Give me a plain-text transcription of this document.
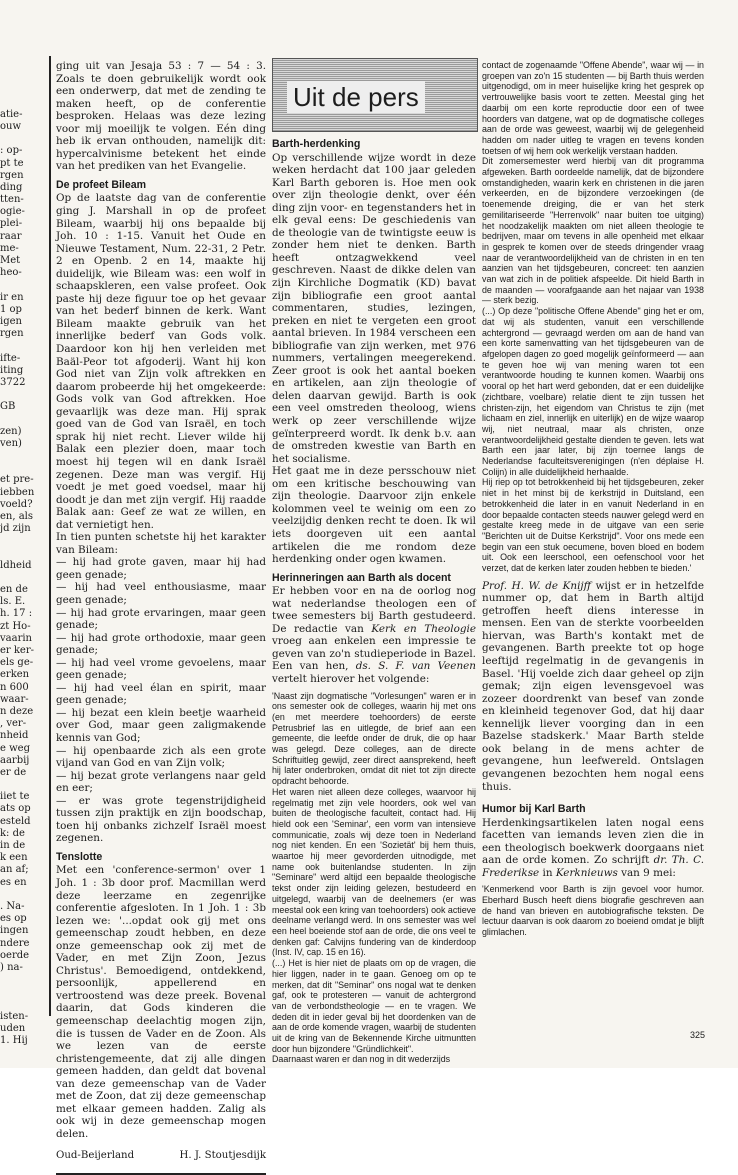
atie-
ouw
: op-
pt te
rgen
ding
tten-
ogie-
plei-
raar
me-
Met
heo-
ir en
1 op
igen
rgen
ifte-
iting
3722
GB
zen)
ven)
et pre-
iebben
voeld?
en, als
jd zijn
ldheid
en de
ls. E.
h. 17 :
zt Ho-
vaarin
er ker-
els ge-
erken
n 600
waar-
n deze
, ver-
nheid
e weg
aarbij
er de
iiet te
ats op
esteld
k: de
in de
k een
an af;
es en
. Na-
es op
ingen
ndere
oerde
) na-
isten-
uden
1. Hij

ging uit van Jesaja 53 : 7 — 54 : 3. Zoals te doen gebruikelijk wordt ook een onderwerp, dat met de zending te maken heeft, op de conferentie besproken. Helaas was deze lezing voor mij moeilijk te volgen. Eén ding heb ik ervan onthouden, namelijk dit: hypercalvinisme betekent het einde van het prediken van het Evangelie.

De profeet Bileam

Op de laatste dag van de conferentie ging J. Marshall in op de profeet Bileam, waarbij hij ons bepaalde bij Joh. 10 : 1-15. Vanuit het Oude en Nieuwe Testament, Num. 22-31, 2 Petr. 2 en Openb. 2 en 14, maakte hij duidelijk, wie Bileam was: een wolf in schaapskleren, een valse profeet. Ook paste hij deze figuur toe op het gevaar van het bederf binnen de kerk. Want Bileam maakte gebruik van het innerlijke bederf van Gods volk. Daardoor kon hij hen verleiden met Baäl-Peor tot afgoderij. Want hij kon God niet van Zijn volk aftrekken en daarom probeerde hij het omgekeerde: Gods volk van God aftrekken. Hoe gevaarlijk was deze man. Hij sprak goed van de God van Israël, en toch sprak hij niet recht. Liever wilde hij Balak een plezier doen, maar toch moest hij tegen wil en dank Israël zegenen. Deze man was vergif. Hij voedt je met goed voedsel, maar hij doodt je dan met zijn vergif. Hij raadde Balak aan: Geef ze wat ze willen, en dat vernietigt hen.

In tien punten schetste hij het karakter van Bileam:

— hij had grote gaven, maar hij had geen genade;

— hij had veel enthousiasme, maar geen genade;

— hij had grote ervaringen, maar geen genade;

— hij had grote orthodoxie, maar geen genade;

— hij had veel vrome gevoelens, maar geen genade;

— hij had veel élan en spirit, maar geen genade;

— hij bezat een klein beetje waarheid over God, maar geen zaligmakende kennis van God;

— hij openbaarde zich als een grote vijand van God en van Zijn volk;

— hij bezat grote verlangens naar geld en eer;

— er was grote tegenstrijdigheid tussen zijn praktijk en zijn boodschap, toen hij onbanks zichzelf Israël moest zegenen.

Tenslotte

Met een 'conference-sermon' over 1 Joh. 1 : 3b door prof. Macmillan werd deze leerzame en zegenrijke conferentie afgesloten. In 1 Joh. 1 : 3b lezen we: '...opdat ook gij met ons gemeenschap zoudt hebben, en deze onze gemeenschap ook zij met de Vader, en met Zijn Zoon, Jezus Christus'. Bemoedigend, ontdekkend, persoonlijk, appellerend en vertroostend was deze preek. Bovenal daarin, dat Gods kinderen die gemeenschap deelachtig mogen zijn, die is tussen de Vader en de Zoon. Als we lezen van de eerste christengemeente, dat zij alle dingen gemeen hadden, dan geldt dat bovenal van deze gemeenschap van de Vader met de Zoon, dat zij deze gemeenschap met elkaar gemeen hadden. Zalig als ook wij in deze gemeenschap mogen delen.

Oud-Beijerland	H. J. Stoutjesdijk
Uit de pers
Barth-herdenking

Op verschillende wijze wordt in deze weken herdacht dat 100 jaar geleden Karl Barth geboren is. Hoe men ook over zijn theologie denkt, over één ding zijn voor- en tegenstanders het in elk geval eens: De geschiedenis van de theologie van de twintigste eeuw is zonder hem niet te denken. Barth heeft ontzagwekkend veel geschreven. Naast de dikke delen van zijn Kirchliche Dogmatik (KD) bavat zijn bibliografie een groot aantal commentaren, studies, lezingen, preken en niet te vergeten een groot aantal brieven. In 1984 verscheen een bibliografie van zijn werken, met 976 nummers, vertalingen meegerekend. Zeer groot is ook het aantal boeken en artikelen, aan zijn theologie of delen daarvan gewijd. Barth is ook een veel omstreden theoloog, wiens werk op zeer verschillende wijze geïnterpreerd wordt. Ik denk b.v. aan de omstreden kwestie van Barth en het socialisme.

Het gaat me in deze persschouw niet om een kritische beschouwing van zijn theologie. Daarvoor zijn enkele kolommen veel te weinig om een zo veelzijdig denken recht te doen. Ik wil iets doorgeven uit een aantal artikelen die me rondom deze herdenking onder ogen kwamen.

Herinneringen aan Barth als docent

Er hebben voor en na de oorlog nog wat nederlandse theologen een of twee semesters bij Barth gestudeerd. De redactie van Kerk en Theologie vroeg aan enkelen een impressie te geven van zo'n studieperiode in Bazel. Een van hen, ds. S. F. van Veenen vertelt hierover het volgende:

'Naast zijn dogmatische "Vorlesungen" waren er in ons semester ook de colleges, waarin hij met ons (en met meerdere toehoorders) de eerste Petrusbrief las en uitlegde, de brief aan een gemeente, die leefde onder de druk, die op haar was gelegd. Deze colleges, aan de directe Schriftuitleg gewijd, zeer direct aansprekend, heeft hij later onderbroken, omdat dit niet tot zijn directe opdracht behoorde.

Het waren niet alleen deze colleges, waarvoor hij regelmatig met zijn vele hoorders, ook wel van buiten de theologische faculteit, contact had. Hij hield ook een 'Seminar', een vorm van intensieve communicatie, zoals wij deze toen in Nederland nog niet kenden. En een 'Sozietät' bij hem thuis, waartoe hij meer gevorderden uitnodigde, met name ook buitenlandse studenten. In zijn "Seminare" werd altijd een bepaalde theologische tekst onder zijn leiding gelezen, bestudeerd en uitgelegd, waarbij van de deelnemers (er was meestal ook een kring van toehoorders) ook actieve deelname verlangd werd. In ons semester was wel een heel boeiende stof aan de orde, die ons veel te denken gaf: Calvijns fundering van de kinderdoop (Inst. IV, cap. 15 en 16).

(...) Het is hier niet de plaats om op de vragen, die hier liggen, nader in te gaan. Genoeg om op te merken, dat dit "Seminar" ons nogal wat te denken gaf, ook te protesteren — vanuit de achtergrond van de verbondstheologie — en te vragen. We deden dit in ieder geval bij het doordenken van de aan de orde komende vragen, waarbij de studenten uit de kring van de Bekennende Kirche uitmuntten door hun bijzondere "Gründlichkeit".

Daarnaast waren er dan nog in dit wederzijds

contact de zogenaamde "Offene Abende", waar wij — in groepen van zo'n 15 studenten — bij Barth thuis werden uitgenodigd, om in meer huiselijke kring het gesprek op vertrouwelijke basis voort te zetten. Meestal ging het daarbij om een korte reproductie door een of twee hoorders van datgene, wat op de dogmatische colleges aan de orde was geweest, waarbij wij de gelegenheid hadden om nader uitleg te vragen en tevens konden toetsen of wij hem ook werkelijk verstaan hadden.

Dit zomersemester werd hierbij van dit programma afgeweken. Barth oordeelde namelijk, dat de bijzondere omstandigheden, waarin kerk en christenen in die jaren verkeerden, en de bijzondere verzoekingen (de toenemende dreiging, die er van het sterk gemilitariseerde "Herrenvolk" naar buiten toe uitging) het noodzakelijk maakten om niet alleen theologie te bedrijven, maar om tevens in alle openheid met elkaar in gesprek te komen over de steeds dringender vraag naar de verantwoordelijkheid van de christen in en ten aanzien van het tijdsgebeuren, concreet: ten aanzien van wat zich in de politiek afspeelde. Dit hield Barth in de maanden — voorafgaande aan het najaar van 1938 — sterk bezig.

(...) Op deze "politische Offene Abende" ging het er om, dat wij als studenten, vanuit een verschillende achtergrond — gevraagd werden om aan de hand van een korte samenvatting van het tijdsgebeuren van de afgelopen dagen zo goed mogelijk geïnformeerd — aan te geven hoe wij van mening waren tot een verantwoorde houding te kunnen komen. Waarbij ons vooral op het hart werd gebonden, dat er een duidelijke (zichtbare, voelbare) relatie dient te zijn tussen het christen-zijn, het eigendom van Christus te zijn (met lichaam en ziel, innerlijk en uiterlijk) en de wijze waarop wij, niet neutraal, maar als christen, onze verantwoordelijkheid gestalte dienden te geven. Iets wat Barth een jaar later, bij zijn toernee langs de Nederlandse faculteitsverenigingen (n'en déplaise H. Colijn) in alle duidelijkheid herhaalde.

Hij riep op tot betrokkenheid bij het tijdsgebeuren, zeker niet in het minst bij de kerkstrijd in Duitsland, een betrokkenheid die later in en vanuit Nederland in en door bepaalde contacten steeds nauwer gelegd werd en gestalte kreeg mede in de uitgave van een serie "Berichten uit de Duitse Kerkstrijd". Voor ons mede een begin van een stuk oecumene, boven bloed en bodem uit. Ook een leerschool, een oefenschool voor het verzet, dat de kerken later zouden hebben te bieden.'

Prof. H. W. de Knijff wijst er in hetzelfde nummer op, dat hem in Barth altijd getroffen heeft diens interesse in mensen. Een van de sterkte voorbeelden hiervan, was Barth's kontakt met de gevangenen. Barth preekte tot op hoge leeftijd regelmatig in de gevangenis in Basel. 'Hij voelde zich daar geheel op zijn gemak; zijn eigen levensgevoel was zozeer doordrenkt van besef van zonde en kleinheid tegenover God, dat hij daar kennelijk liever voorging dan in een Bazelse stadskerk.' Maar Barth stelde ook belang in de mens achter de gevangene, hun leefwereld. Ontslagen gevangenen bezochten hem nogal eens thuis.

Humor bij Karl Barth

Herdenkingsartikelen laten nogal eens facetten van iemands leven zien die in een theologisch boekwerk doorgaans niet aan de orde komen. Zo schrijft dr. Th. C. Frederikse in Kerknieuws van 9 mei:

'Kenmerkend voor Barth is zijn gevoel voor humor. Eberhard Busch heeft diens biografie geschreven aan de hand van brieven en autobiografische teksten. De lectuur daarvan is ook daarom zo boeiend omdat je blijft glimlachen.

325
